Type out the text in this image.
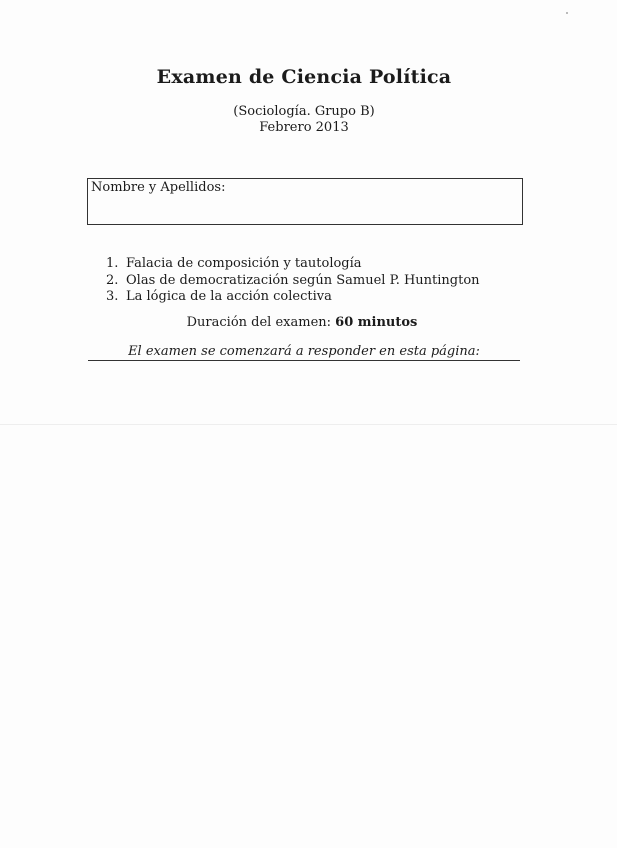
Examen de Ciencia Política
(Sociología. Grupo B)
Febrero 2013
Nombre y Apellidos:
1. Falacia de composición y tautología
2. Olas de democratización según Samuel P. Huntington
3. La lógica de la acción colectiva
Duración del examen: 60 minutos
El examen se comenzará a responder en esta página:
